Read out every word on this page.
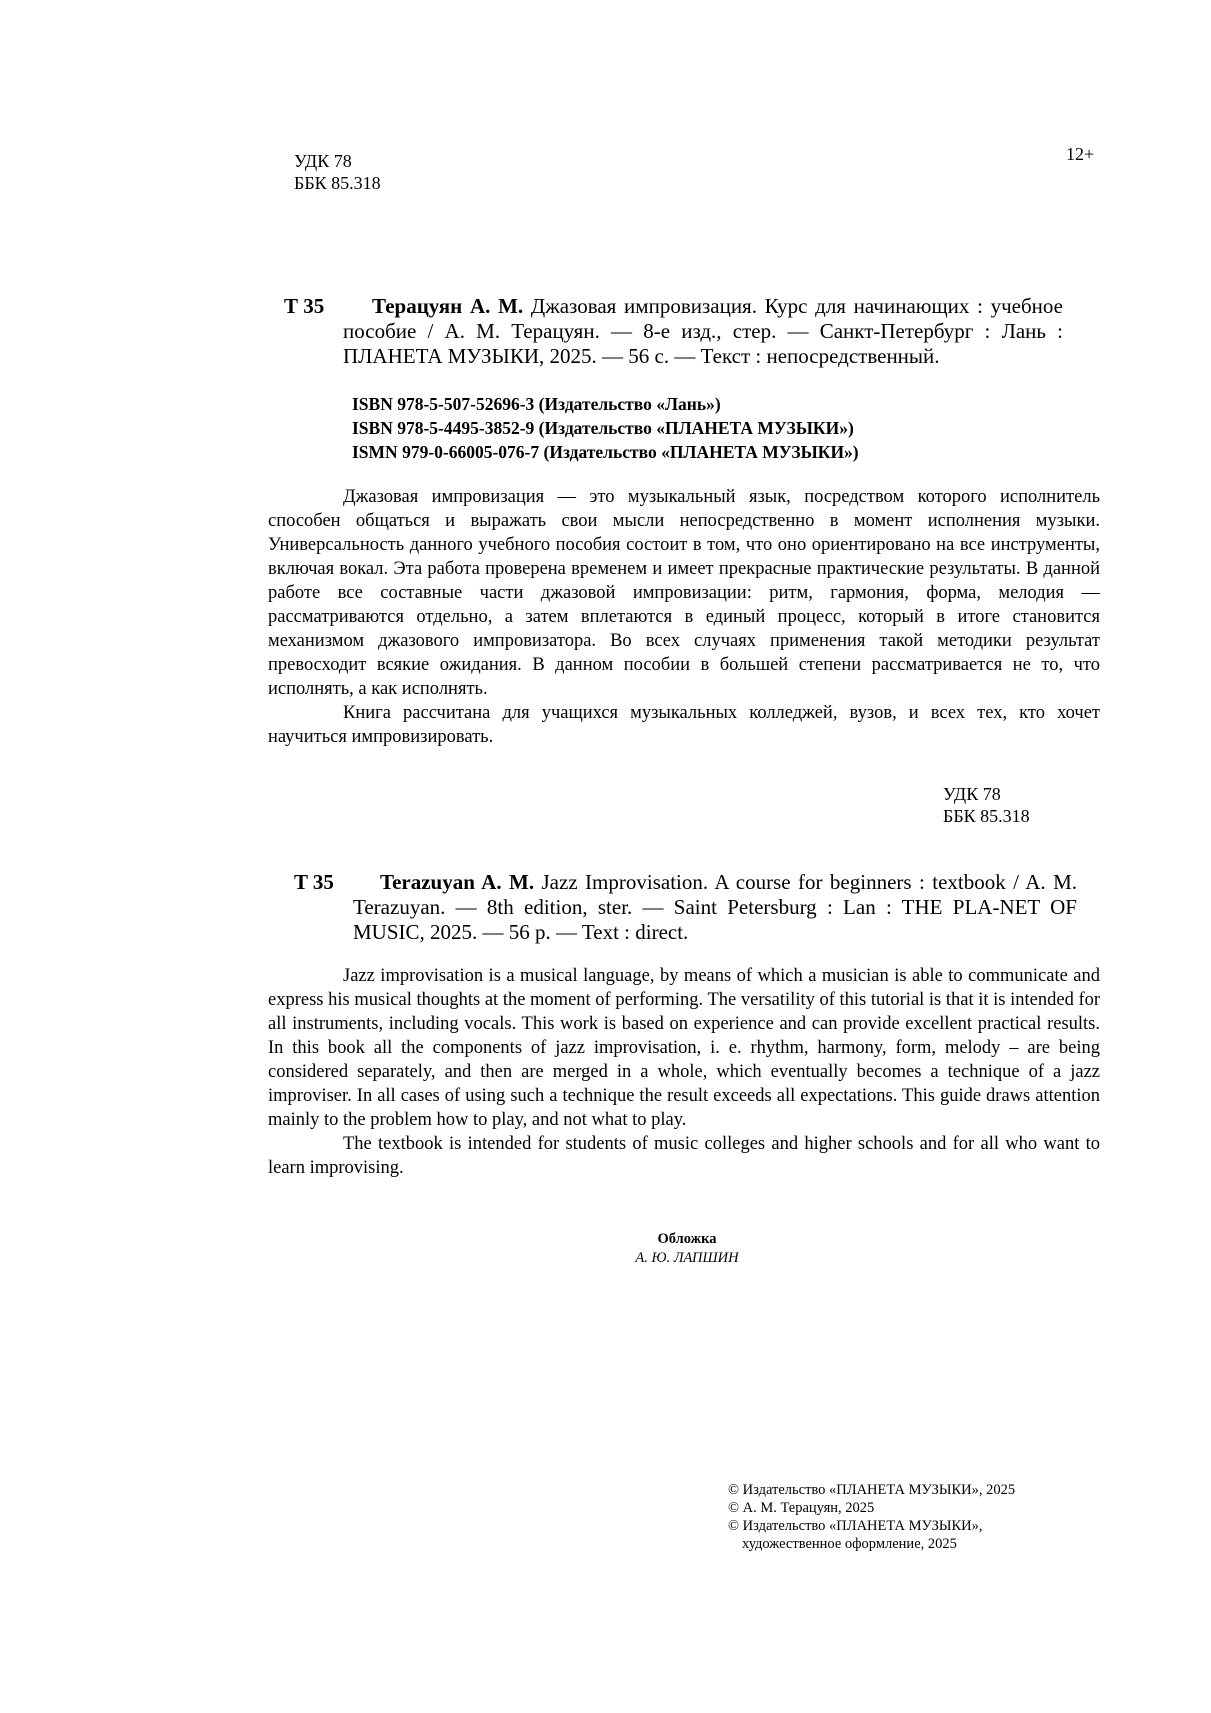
УДК 78
ББК 85.318
12+
Т 35	Терацуян А. М. Джазовая импровизация. Курс для начинающих : учебное пособие / А. М. Терацуян. — 8-е изд., стер. — Санкт-Петербург : Лань : ПЛАНЕТА МУЗЫКИ, 2025. — 56 с. — Текст : непосредственный.
ISBN 978-5-507-52696-3 (Издательство «Лань»)
ISBN 978-5-4495-3852-9 (Издательство «ПЛАНЕТА МУЗЫКИ»)
ISMN 979-0-66005-076-7 (Издательство «ПЛАНЕТА МУЗЫКИ»)

Джазовая импровизация — это музыкальный язык, посредством которого исполнитель способен общаться и выражать свои мысли непосредственно в момент исполнения музыки. Универсальность данного учебного пособия состоит в том, что оно ориентировано на все инструменты, включая вокал. Эта работа проверена временем и имеет прекрасные практические результаты. В данной работе все составные части джазовой импровизации: ритм, гармония, форма, мелодия — рассматриваются отдельно, а затем вплетаются в единый процесс, который в итоге становится механизмом джазового импровизатора. Во всех случаях применения такой методики результат превосходит всякие ожидания. В данном пособии в большей степени рассматривается не то, что исполнять, а как исполнять.

Книга рассчитана для учащихся музыкальных колледжей, вузов, и всех тех, кто хочет научиться импровизировать.

УДК 78
ББК 85.318
T 35	Terazuyan A. M. Jazz Improvisation. A course for beginners : textbook / A. M. Terazuyan. — 8th edition, ster. — Saint Petersburg : Lan : THE PLA-NET OF MUSIC, 2025. — 56 p. — Text : direct.

Jazz improvisation is a musical language, by means of which a musician is able to communicate and express his musical thoughts at the moment of performing. The versatility of this tutorial is that it is intended for all instruments, including vocals. This work is based on experience and can provide excellent practical results. In this book all the components of jazz improvisation, i. e. rhythm, harmony, form, melody – are being considered separately, and then are merged in a whole, which eventually becomes a technique of a jazz improviser. In all cases of using such a technique the result exceeds all expectations. This guide draws attention mainly to the problem how to play, and not what to play.

The textbook is intended for students of music colleges and higher schools and for all who want to learn improvising.

Обложка
А. Ю. ЛАПШИН
© Издательство «ПЛАНЕТА МУЗЫКИ», 2025
© А. М. Терацуян, 2025
© Издательство «ПЛАНЕТА МУЗЫКИ»,
художественное оформление, 2025
